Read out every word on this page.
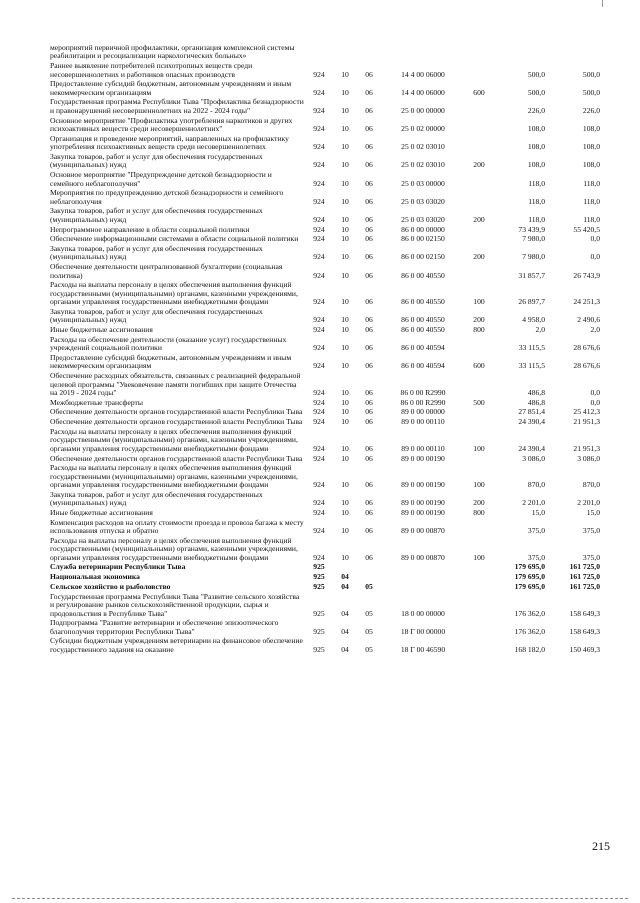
мероприятий первичной профилактики, организация комплексной системы реабилитации и ресоциализации наркологических больных»							
Раннее выявление потребителей психотропных веществ среди несовершеннолетних и работников опасных производств	924	10	06	14 4 00 06000		500,0	500,0
Предоставление субсидий бюджетным, автономным учреждениям и иным некоммерческим организациям	924	10	06	14 4 00 06000	600	500,0	500,0
Государственная программа Республики Тыва "Профилактика безнадзорности и правонарушений несовершеннолетних на 2022 - 2024 годы"	924	10	06	25 0 00 00000		226,0	226,0
Основное мероприятие "Профилактика употребления наркотиков и других психоактивных веществ среди несовершеннолетних"	924	10	06	25 0 02 00000		108,0	108,0
Организация и проведение мероприятий, направленных на профилактику употребления психоактивных веществ среди несовершеннолетних	924	10	06	25 0 02 03010		108,0	108,0
Закупка товаров, работ и услуг для обеспечения государственных (муниципальных) нужд	924	10	06	25 0 02 03010	200	108,0	108,0
Основное мероприятие "Предупреждение детской безнадзорности и семейного неблагополучия"	924	10	06	25 0 03 00000		118,0	118,0
Мероприятия по предупреждению детской безнадзорности и семейного неблагополучия	924	10	06	25 0 03 03020		118,0	118,0
Закупка товаров, работ и услуг для обеспечения государственных (муниципальных) нужд	924	10	06	25 0 03 03020	200	118,0	118,0
Непрограммное направление в области социальной политики	924	10	06	86 0 00 00000		73 439,9	55 420,5
Обеспечение информационными системами в области социальной политики	924	10	06	86 0 00 02150		7 980,0	0,0
Закупка товаров, работ и услуг для обеспечения государственных (муниципальных) нужд	924	10	06	86 0 00 02150	200	7 980,0	0,0
Обеспечение деятельности централизованной бухгалтерии (социальная политика)	924	10	06	86 0 00 40550		31 857,7	26 743,9
Расходы на выплаты персоналу в целях обеспечения выполнения функций государственными (муниципальными) органами, казенными учреждениями, органами управления государственными внебюджетными фондами	924	10	06	86 0 00 40550	100	26 897,7	24 251,3
Закупка товаров, работ и услуг для обеспечения государственных (муниципальных) нужд	924	10	06	86 0 00 40550	200	4 958,0	2 490,6
Иные бюджетные ассигнования	924	10	06	86 0 00 40550	800	2,0	2,0
Расходы на обеспечение деятельности (оказание услуг) государственных учреждений социальной политики	924	10	06	86 0 00 40594		33 115,5	28 676,6
Предоставление субсидий бюджетным, автономным учреждениям и иным некоммерческим организациям	924	10	06	86 0 00 40594	600	33 115,5	28 676,6
Обеспечение расходных обязательств, связанных с реализацией федеральной целевой программы "Увековечение памяти погибших при защите Отечества на 2019 - 2024 годы"	924	10	06	86 0 00 R2990		486,8	0,0
Межбюджетные трансферты	924	10	06	86 0 00 R2990	500	486,8	0,0
Обеспечение деятельности органов государственной власти Республики Тыва	924	10	06	89 0 00 00000		27 851,4	25 412,3
Обеспечение деятельности органов государственной власти Республики Тыва	924	10	06	89 0 00 00110		24 390,4	21 951,3
Расходы на выплаты персоналу в целях обеспечения выполнения функций государственными (муниципальными) органами, казенными учреждениями, органами управления государственными внебюджетными фондами	924	10	06	89 0 00 00110	100	24 390,4	21 951,3
Обеспечение деятельности органов государственной власти Республики Тыва	924	10	06	89 0 00 00190		3 086,0	3 086,0
Расходы на выплаты персоналу в целях обеспечения выполнения функций государственными (муниципальными) органами, казенными учреждениями, органами управления государственными внебюджетными фондами	924	10	06	89 0 00 00190	100	870,0	870,0
Закупка товаров, работ и услуг для обеспечения государственных (муниципальных) нужд	924	10	06	89 0 00 00190	200	2 201,0	2 201,0
Иные бюджетные ассигнования	924	10	06	89 0 00 00190	800	15,0	15,0
Компенсация расходов на оплату стоимости проезда и провоза багажа к месту использования отпуска и обратно	924	10	06	89 0 00 00870		375,0	375,0
Расходы на выплаты персоналу в целях обеспечения выполнения функций государственными (муниципальными) органами, казенными учреждениями, органами управления государственными внебюджетными фондами	924	10	06	89 0 00 00870	100	375,0	375,0
Служба ветеринарии Республики Тыва	925					179 695,0	161 725,0
Национальная экономика	925	04				179 695,0	161 725,0
Сельское хозяйство и рыболовство	925	04	05			179 695,0	161 725,0
Государственная программа Республики Тыва "Развитие сельского хозяйства и регулирование рынков сельскохозяйственной продукции, сырья и продовольствия в Республике Тыва"	925	04	05	18 0 00 00000		176 362,0	158 649,3
Подпрограмма "Развитие ветеринарии и обеспечение эпизоотического благополучия территории Республики Тыва"	925	04	05	18 Г 00 00000		176 362,0	158 649,3
Субсидии бюджетным учреждениям ветеринарии на финансовое обеспечение государственного задания на оказание	925	04	05	18 Г 00 46590		168 182,0	150 469,3
215
